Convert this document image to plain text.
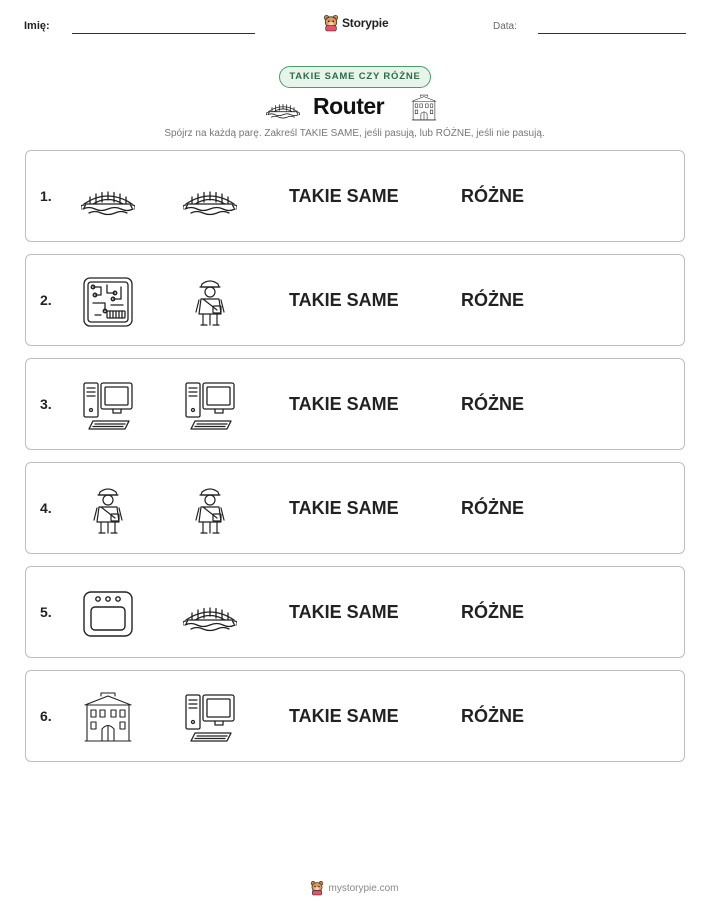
Imię:	Storypie	Data:
TAKIE SAME CZY RÓŻNE
Router
Spójrz na każdą parę. Zakreśl TAKIE SAME, jeśli pasują, lub RÓŻNE, jeśli nie pasują.
1.	TAKIE SAME	RÓŻNE
2.	TAKIE SAME	RÓŻNE
3.	TAKIE SAME	RÓŻNE
4.	TAKIE SAME	RÓŻNE
5.	TAKIE SAME	RÓŻNE
6.	TAKIE SAME	RÓŻNE
mystorypie.com
